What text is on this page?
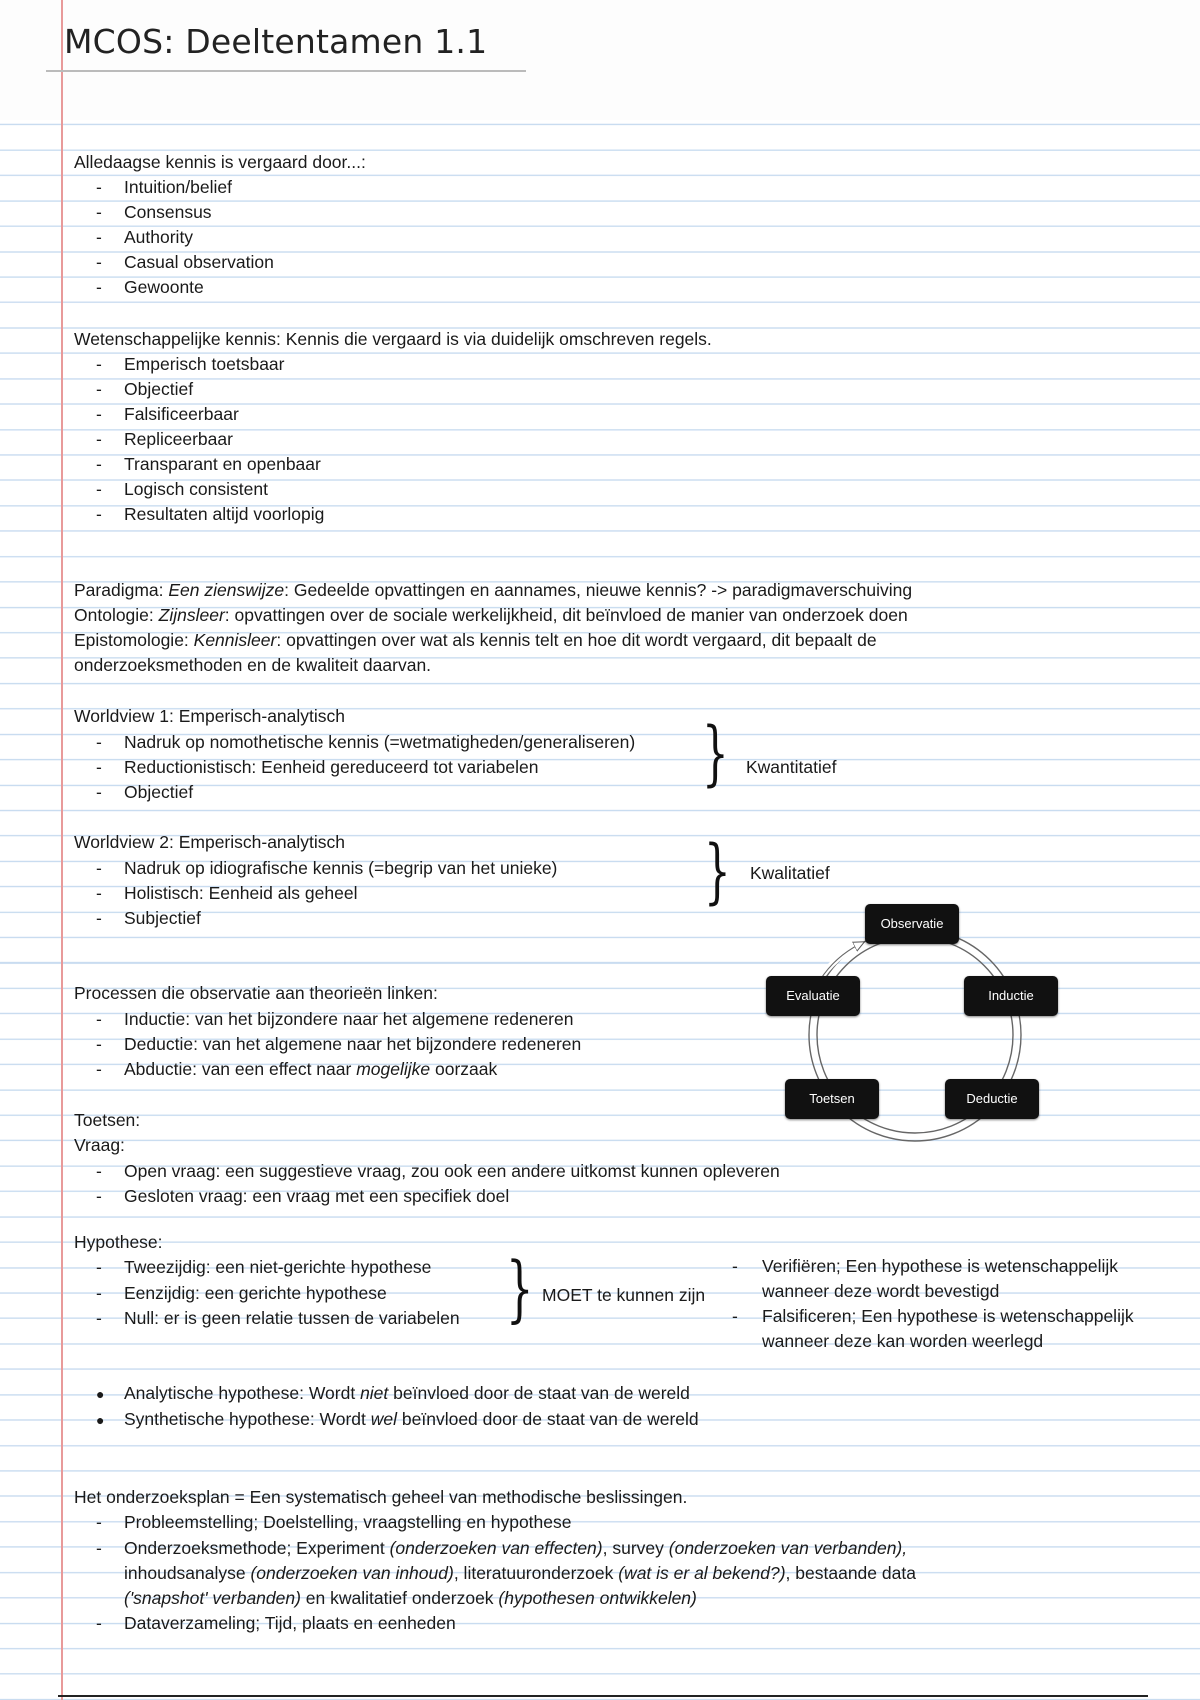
MCOS: Deeltentamen 1.1
Alledaagse kennis is vergaard door...:
- Intuition/belief
- Consensus
- Authority
- Casual observation
- Gewoonte
Wetenschappelijke kennis: Kennis die vergaard is via duidelijk omschreven regels.
- Emperisch toetsbaar
- Objectief
- Falsificeerbaar
- Repliceerbaar
- Transparant en openbaar
- Logisch consistent
- Resultaten altijd voorlopig
Paradigma: Een zienswijze: Gedeelde opvattingen en aannames, nieuwe kennis? -> paradigmaverschuiving
Ontologie: Zijnsleer: opvattingen over de sociale werkelijkheid, dit beïnvloed de manier van onderzoek doen
Epistomologie: Kennisleer: opvattingen over wat als kennis telt en hoe dit wordt vergaard, dit bepaalt de
onderzoeksmethoden en de kwaliteit daarvan.
Worldview 1: Emperisch-analytisch
- Nadruk op nomothetische kennis (=wetmatigheden/generaliseren)
- Reductionistisch: Eenheid gereduceerd tot variabelen
- Objectief	} Kwantitatief
Worldview 2: Emperisch-analytisch
- Nadruk op idiografische kennis (=begrip van het unieke)
- Holistisch: Eenheid als geheel
- Subjectief
} Kwalitatief
Processen die observatie aan theorieën linken:
- Inductie: van het bijzondere naar het algemene redeneren
- Deductie: van het algemene naar het bijzondere redeneren
- Abductie: van een effect naar mogelijke oorzaak
Observatie
Inductie
Deductie
Toetsen
Evaluatie
Toetsen:
Vraag:
- Open vraag: een suggestieve vraag, zou ook een andere uitkomst kunnen opleveren
- Gesloten vraag: een vraag met een specifiek doel
Hypothese:
- Tweezijdig: een niet-gerichte hypothese
- Eenzijdig: een gerichte hypothese
- Null: er is geen relatie tussen de variabelen } MOET te kunnen zijn
- Verifiëren; Een hypothese is wetenschappelijk
wanneer deze wordt bevestigd
- Falsificeren; Een hypothese is wetenschappelijk
wanneer deze kan worden weerlegd
● Analytische hypothese: Wordt niet beïnvloed door de staat van de wereld
● Synthetische hypothese: Wordt wel beïnvloed door de staat van de wereld
Het onderzoeksplan = Een systematisch geheel van methodische beslissingen.
- Probleemstelling; Doelstelling, vraagstelling en hypothese
- Onderzoeksmethode; Experiment (onderzoeken van effecten), survey (onderzoeken van verbanden),
inhoudsanalyse (onderzoeken van inhoud), literatuuronderzoek (wat is er al bekend?), bestaande data
('snapshot' verbanden) en kwalitatief onderzoek (hypothesen ontwikkelen)
- Dataverzameling; Tijd, plaats en eenheden
